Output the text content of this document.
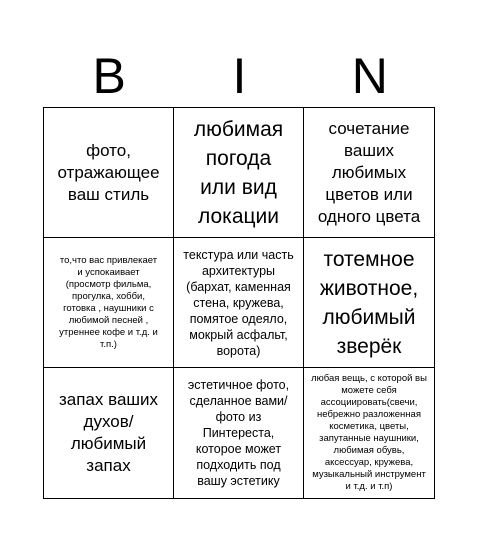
B	I	N
фото,
отражающее
ваш стиль
любимая
погода
или вид
локации
сочетание
ваших
любимых
цветов или
одного цвета
то,что вас привлекает
и успокаивает
(просмотр фильма,
прогулка, хобби,
готовка , наушники с
любимой песней ,
утреннее кофе и т.д. и
т.п.)
текстура или часть
архитектуры
(бархат, каменная
стена, кружева,
помятое одеяло,
мокрый асфальт,
ворота)
тотемное
животное,
любимый
зверёк
запах ваших
духов/
любимый
запах
эстетичное фото,
сделанное вами/
фото из
Пинтереста,
которое может
подходить под
вашу эстетику
любая вещь, с которой вы
можете себя
ассоциировать(свечи,
небрежно разложенная
косметика, цветы,
запутанные наушники,
любимая обувь,
аксессуар, кружева,
музыкальный инструмент
и т.д. и т.п)
